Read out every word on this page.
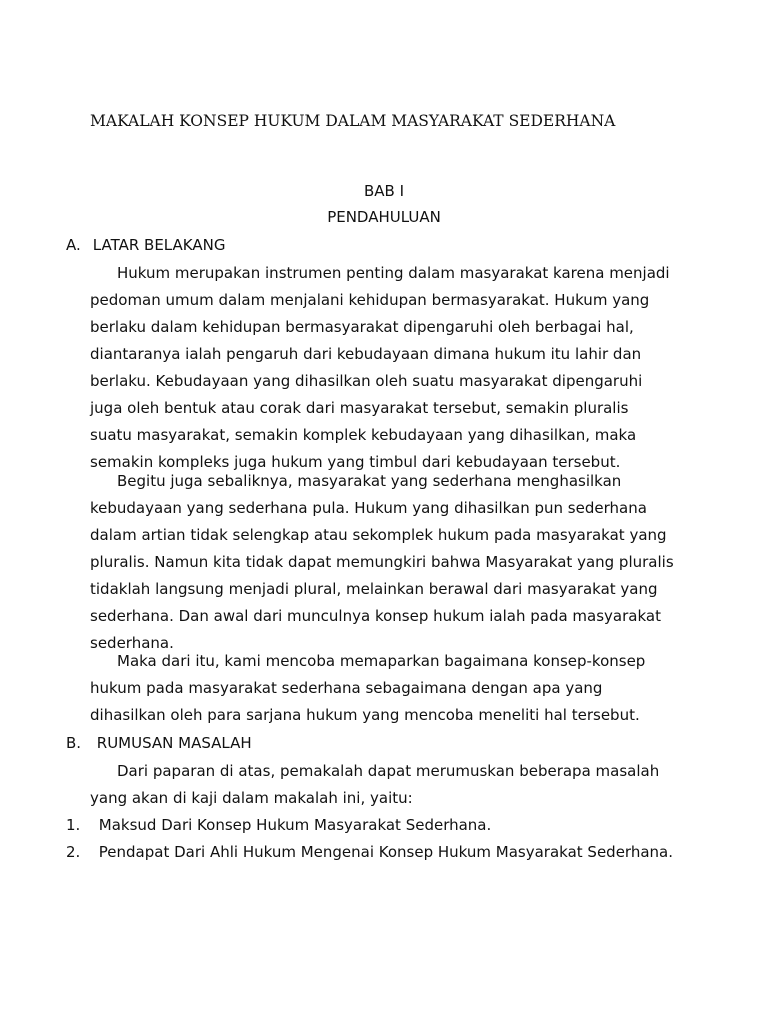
MAKALAH KONSEP HUKUM DALAM MASYARAKAT SEDERHANA
BAB I
PENDAHULUAN
A. LATAR BELAKANG
Hukum merupakan instrumen penting dalam masyarakat karena menjadi
pedoman umum dalam menjalani kehidupan bermasyarakat. Hukum yang
berlaku dalam kehidupan bermasyarakat dipengaruhi oleh berbagai hal,
diantaranya ialah pengaruh dari kebudayaan dimana hukum itu lahir dan
berlaku. Kebudayaan yang dihasilkan oleh suatu masyarakat dipengaruhi
juga oleh bentuk atau corak dari masyarakat tersebut, semakin pluralis
suatu masyarakat, semakin komplek kebudayaan yang dihasilkan, maka
semakin kompleks juga hukum yang timbul dari kebudayaan tersebut.
Begitu juga sebaliknya, masyarakat yang sederhana menghasilkan
kebudayaan yang sederhana pula. Hukum yang dihasilkan pun sederhana
dalam artian tidak selengkap atau sekomplek hukum pada masyarakat yang
pluralis. Namun kita tidak dapat memungkiri bahwa Masyarakat yang pluralis
tidaklah langsung menjadi plural, melainkan berawal dari masyarakat yang
sederhana. Dan awal dari munculnya konsep hukum ialah pada masyarakat
sederhana.
Maka dari itu, kami mencoba memaparkan bagaimana konsep-konsep
hukum pada masyarakat sederhana sebagaimana dengan apa yang
dihasilkan oleh para sarjana hukum yang mencoba meneliti hal tersebut.
B. RUMUSAN MASALAH
Dari paparan di atas, pemakalah dapat merumuskan beberapa masalah
yang akan di kaji dalam makalah ini, yaitu:
1. Maksud Dari Konsep Hukum Masyarakat Sederhana.
2. Pendapat Dari Ahli Hukum Mengenai Konsep Hukum Masyarakat Sederhana.
